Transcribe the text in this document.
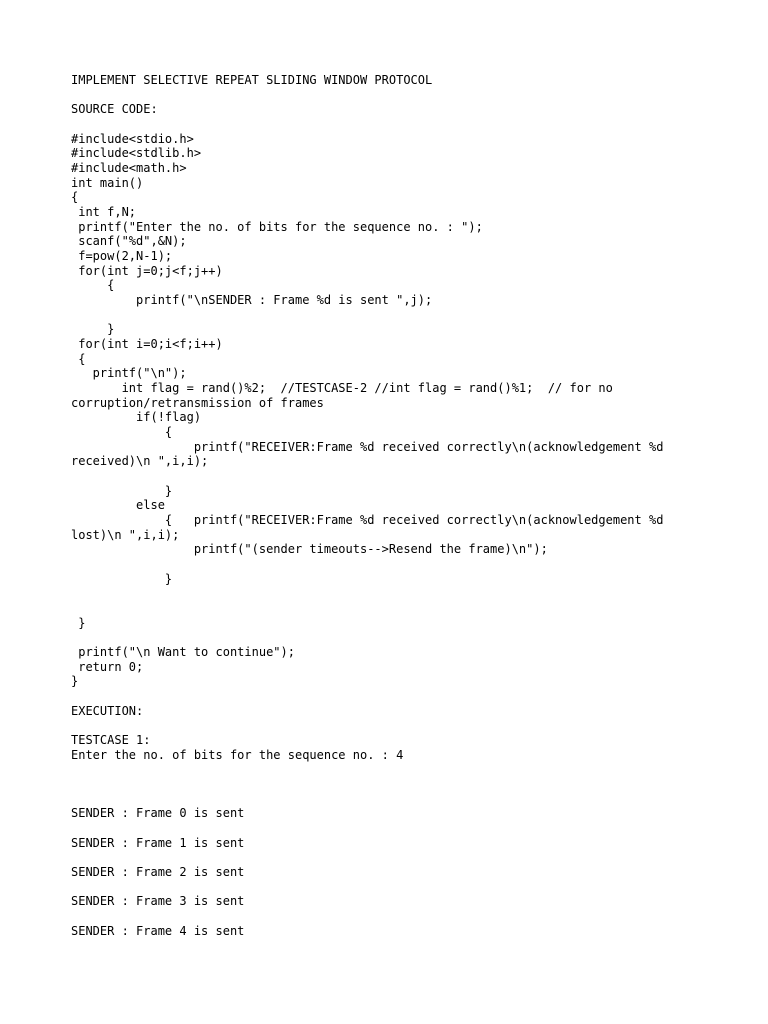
IMPLEMENT SELECTIVE REPEAT SLIDING WINDOW PROTOCOL

SOURCE CODE:

#include<stdio.h>

#include<stdlib.h>

#include<math.h>

int main()

{

int f,N;

printf("Enter the no. of bits for the sequence no. : ");

scanf("%d",&N);

f=pow(2,N-1);

for(int j=0;j<f;j++)

{

printf("\nSENDER : Frame %d is sent ",j);

}

for(int i=0;i<f;i++)

{

printf("\n");

int flag = rand()%2;  //TESTCASE-2 //int flag = rand()%1;  // for no

corruption/retransmission of frames

if(!flag)

{

printf("RECEIVER:Frame %d received correctly\n(acknowledgement %d

received)\n ",i,i);

}

else

{   printf("RECEIVER:Frame %d received correctly\n(acknowledgement %d

lost)\n ",i,i);

printf("(sender timeouts-->Resend the frame)\n");

}

}

printf("\n Want to continue");

return 0;

}

EXECUTION:

TESTCASE 1:

Enter the no. of bits for the sequence no. : 4

SENDER : Frame 0 is sent

SENDER : Frame 1 is sent

SENDER : Frame 2 is sent

SENDER : Frame 3 is sent

SENDER : Frame 4 is sent
